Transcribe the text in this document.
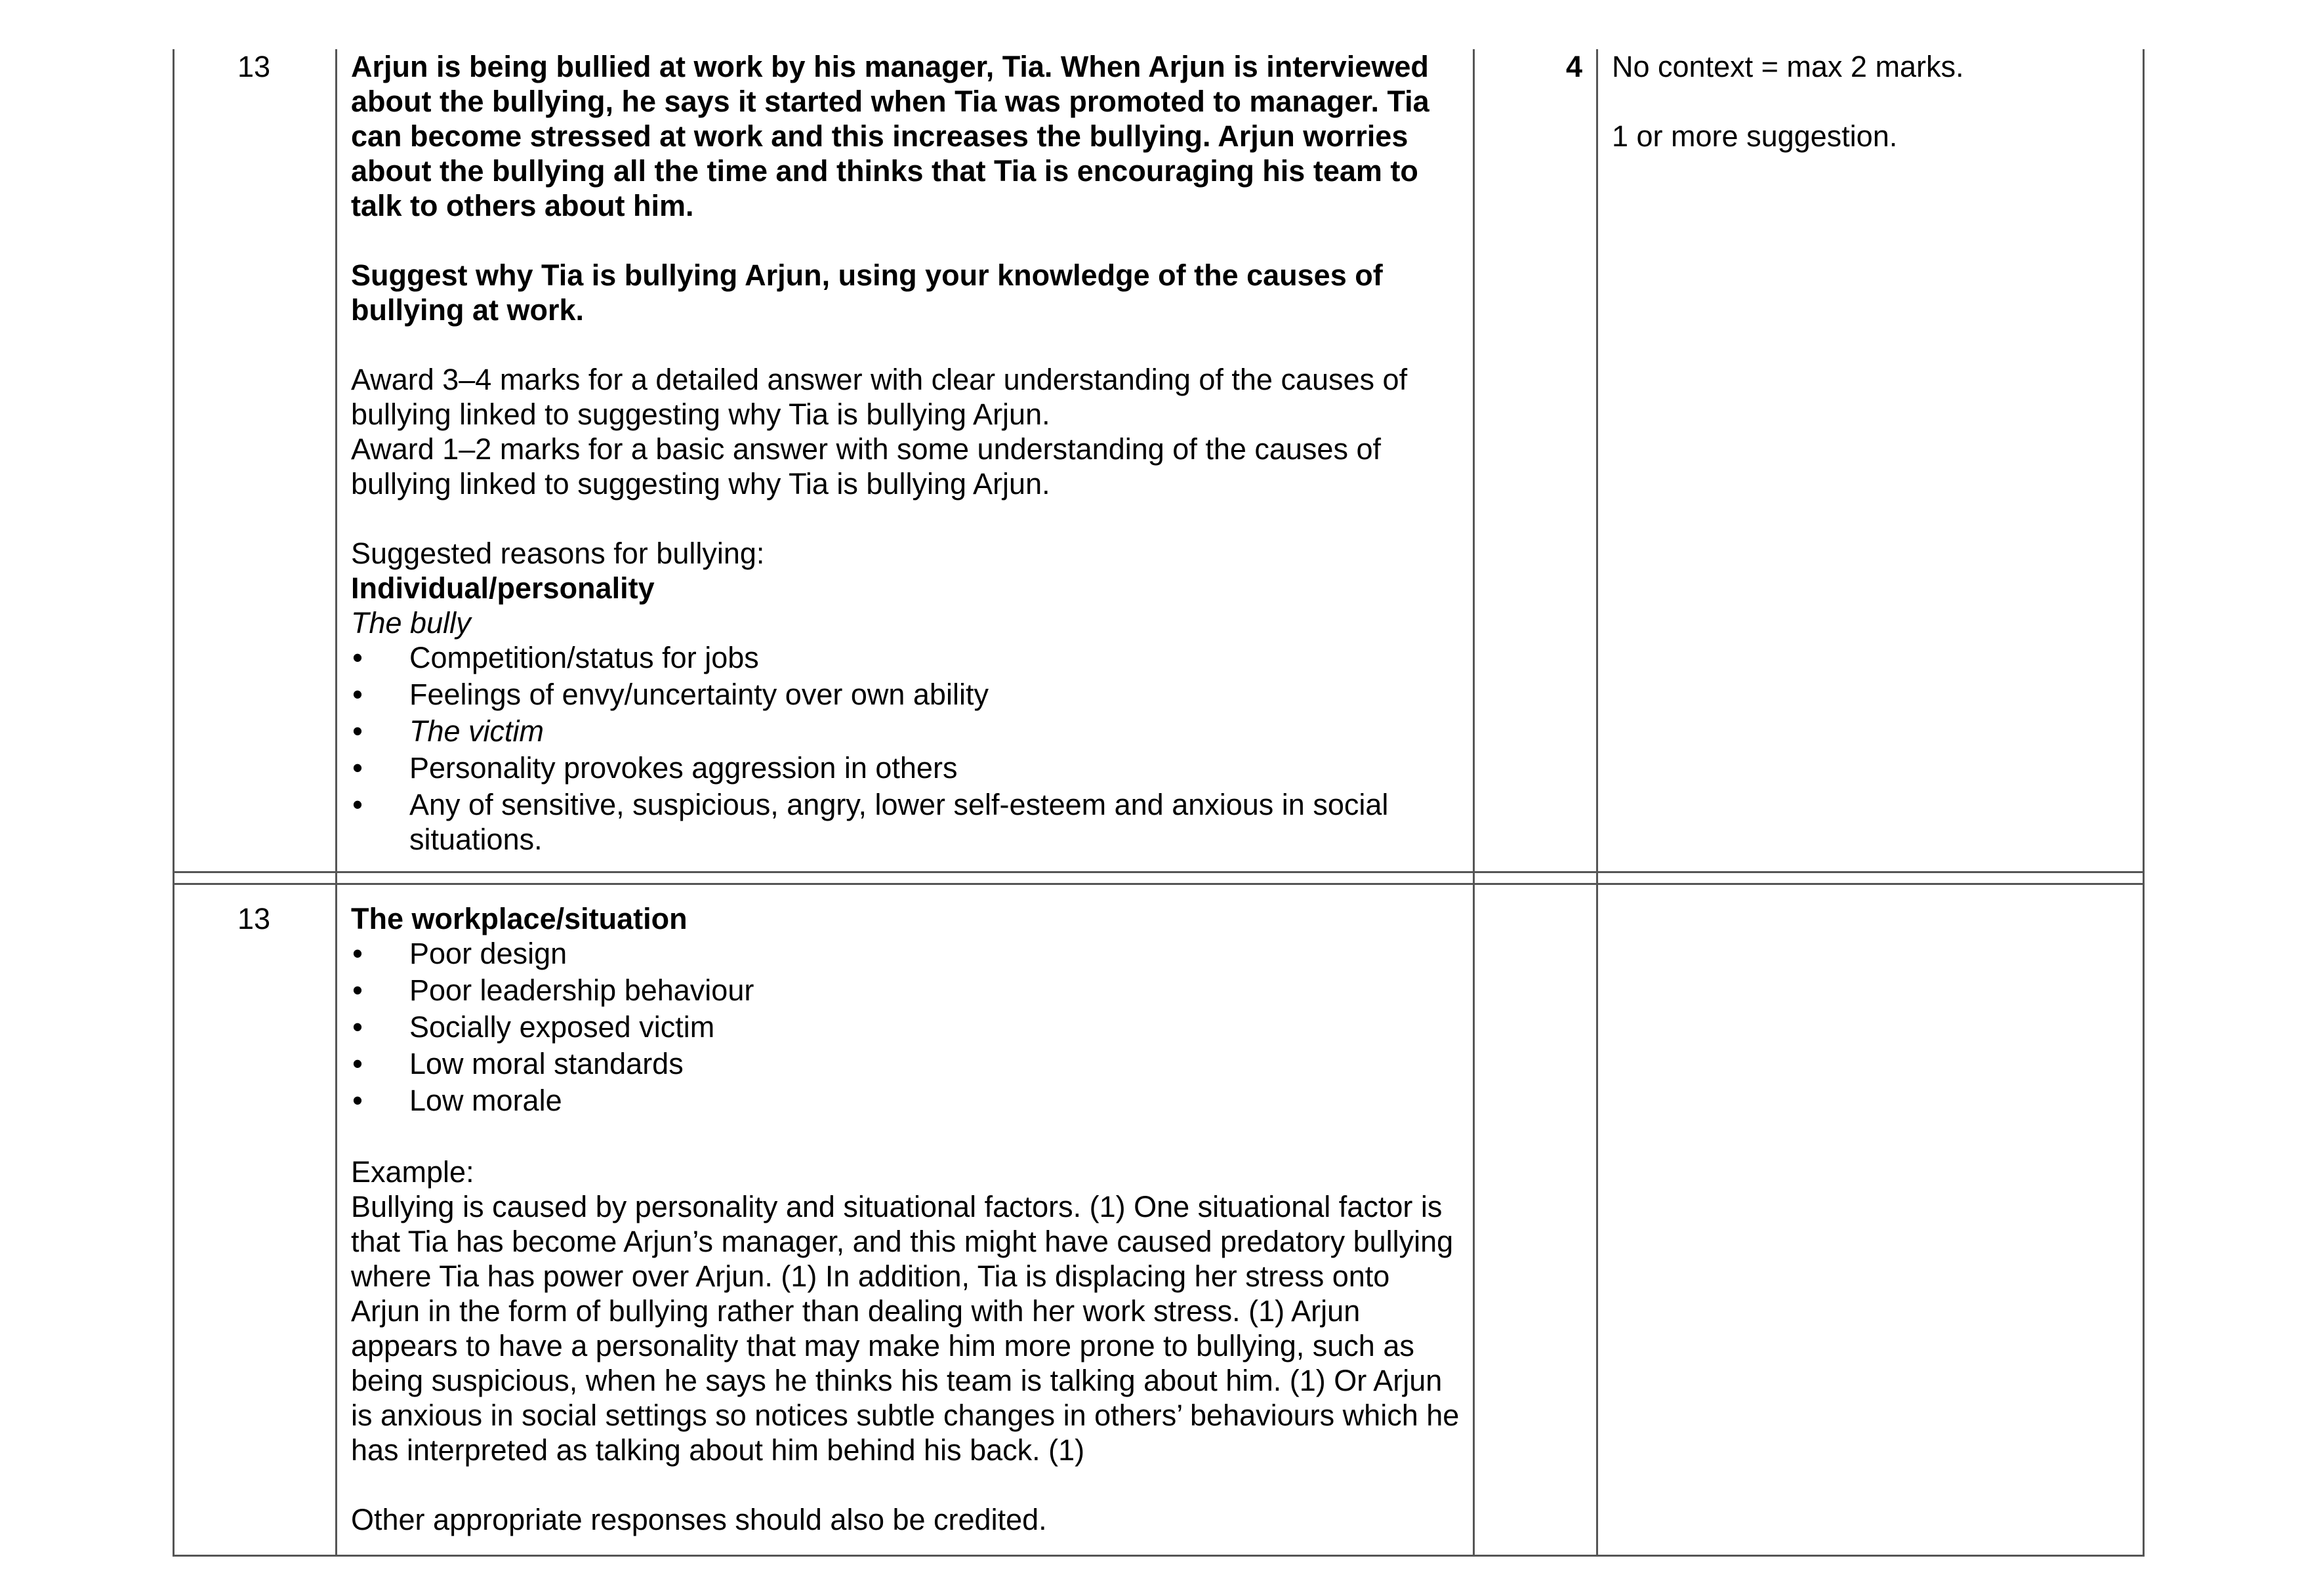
13	Arjun is being bullied at work by his manager, Tia. When Arjun is interviewed about the bullying, he says it started when Tia was promoted to manager. Tia can become stressed at work and this increases the bullying. Arjun worries about the bullying all the time and thinks that Tia is encouraging his team to talk to others about him.

Suggest why Tia is bullying Arjun, using your knowledge of the causes of bullying at work.

Award 3–4 marks for a detailed answer with clear understanding of the causes of bullying linked to suggesting why Tia is bullying Arjun.

Award 1–2 marks for a basic answer with some understanding of the causes of bullying linked to suggesting why Tia is bullying Arjun.

Suggested reasons for bullying:

Individual/personality

The bully

• Competition/status for jobs
• Feelings of envy/uncertainty over own ability
• The victim
• Personality provokes aggression in others
• Any of sensitive, suspicious, angry, lower self-esteem and anxious in social situations.
4 No context = max 2 marks.

1 or more suggestion.

13	The workplace/situation

• Poor design
• Poor leadership behaviour
• Socially exposed victim
• Low moral standards
• Low morale

Example:

Bullying is caused by personality and situational factors. (1) One situational factor is that Tia has become Arjun’s manager, and this might have caused predatory bullying where Tia has power over Arjun. (1) In addition, Tia is displacing her stress onto Arjun in the form of bullying rather than dealing with her work stress. (1) Arjun appears to have a personality that may make him more prone to bullying, such as being suspicious, when he says he thinks his team is talking about him. (1) Or Arjun is anxious in social settings so notices subtle changes in others’ behaviours which he has interpreted as talking about him behind his back. (1)

Other appropriate responses should also be credited.
